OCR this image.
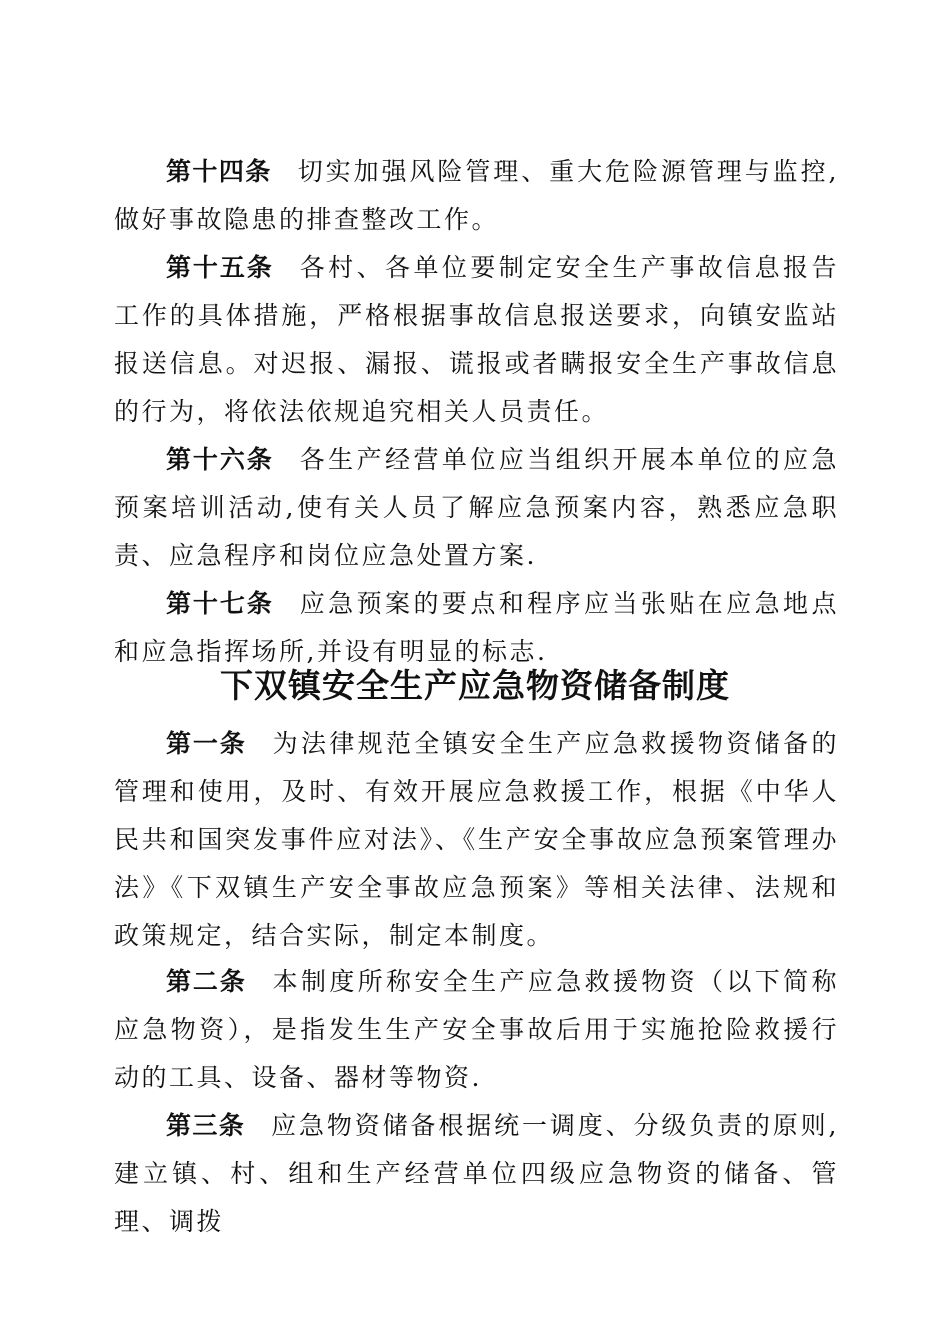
第十四条 切实加强风险管理、重大危险源管理与监控,做好事故隐患的排查整改工作。

第十五条 各村、各单位要制定安全生产事故信息报告工作的具体措施，严格根据事故信息报送要求，向镇安监站报送信息。对迟报、漏报、谎报或者瞒报安全生产事故信息的行为，将依法依规追究相关人员责任。

第十六条 各生产经营单位应当组织开展本单位的应急预案培训活动,使有关人员了解应急预案内容，熟悉应急职责、应急程序和岗位应急处置方案.

第十七条 应急预案的要点和程序应当张贴在应急地点和应急指挥场所,并设有明显的标志.

下双镇安全生产应急物资储备制度

第一条 为法律规范全镇安全生产应急救援物资储备的管理和使用，及时、有效开展应急救援工作，根据《中华人民共和国突发事件应对法》、《生产安全事故应急预案管理办法》《下双镇生产安全事故应急预案》等相关法律、法规和政策规定，结合实际，制定本制度。

第二条 本制度所称安全生产应急救援物资（以下简称应急物资），是指发生生产安全事故后用于实施抢险救援行动的工具、设备、器材等物资.

第三条 应急物资储备根据统一调度、分级负责的原则,建立镇、村、组和生产经营单位四级应急物资的储备、管理、调拨
